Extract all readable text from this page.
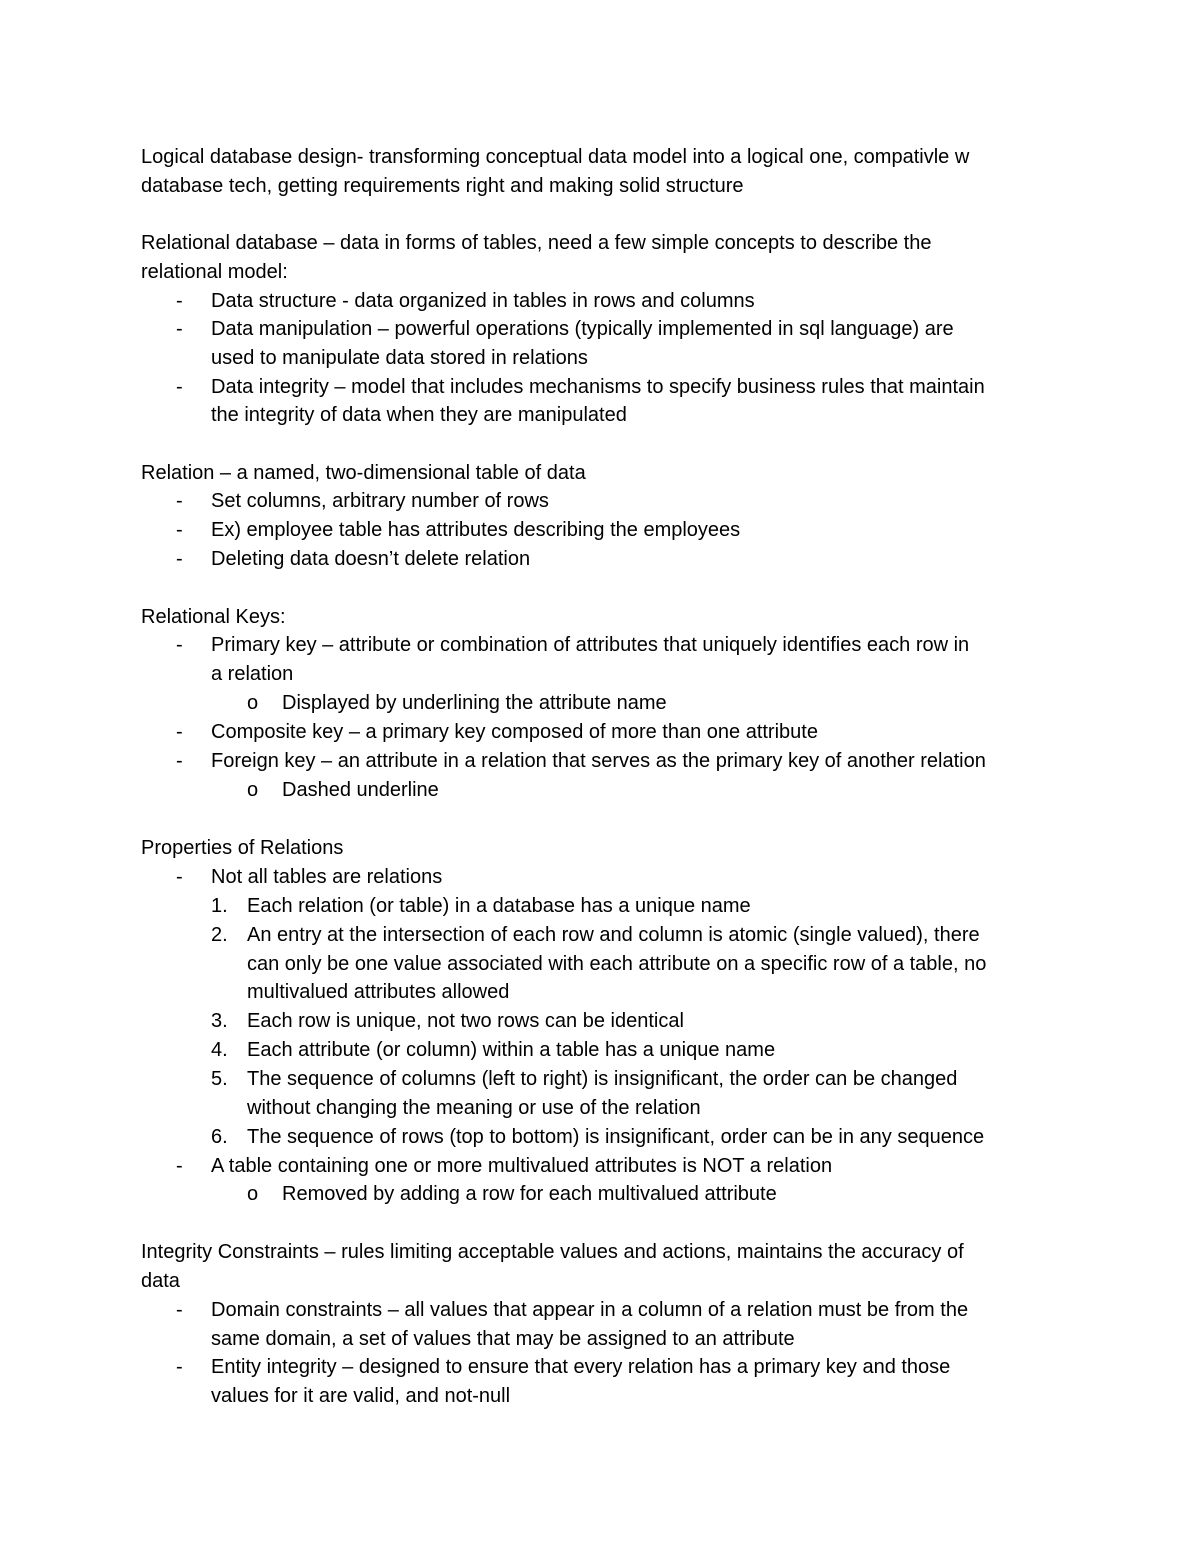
Logical database design- transforming conceptual data model into a logical one, compativle w
database tech, getting requirements right and making solid structure
Relational database – data in forms of tables, need a few simple concepts to describe the
relational model:
- Data structure - data organized in tables in rows and columns
- Data manipulation – powerful operations (typically implemented in sql language) are
used to manipulate data stored in relations
- Data integrity – model that includes mechanisms to specify business rules that maintain
the integrity of data when they are manipulated
Relation – a named, two-dimensional table of data
- Set columns, arbitrary number of rows
- Ex) employee table has attributes describing the employees
- Deleting data doesn’t delete relation
Relational Keys:
- Primary key – attribute or combination of attributes that uniquely identifies each row in
a relation
o Displayed by underlining the attribute name
- Composite key – a primary key composed of more than one attribute
- Foreign key – an attribute in a relation that serves as the primary key of another relation
o Dashed underline
Properties of Relations
- Not all tables are relations
1. Each relation (or table) in a database has a unique name
2. An entry at the intersection of each row and column is atomic (single valued), there
can only be one value associated with each attribute on a specific row of a table, no
multivalued attributes allowed
3. Each row is unique, not two rows can be identical
4. Each attribute (or column) within a table has a unique name
5. The sequence of columns (left to right) is insignificant, the order can be changed
without changing the meaning or use of the relation
6. The sequence of rows (top to bottom) is insignificant, order can be in any sequence
- A table containing one or more multivalued attributes is NOT a relation
o Removed by adding a row for each multivalued attribute
Integrity Constraints – rules limiting acceptable values and actions, maintains the accuracy of
data
- Domain constraints – all values that appear in a column of a relation must be from the
same domain, a set of values that may be assigned to an attribute
- Entity integrity – designed to ensure that every relation has a primary key and those
values for it are valid, and not-null
